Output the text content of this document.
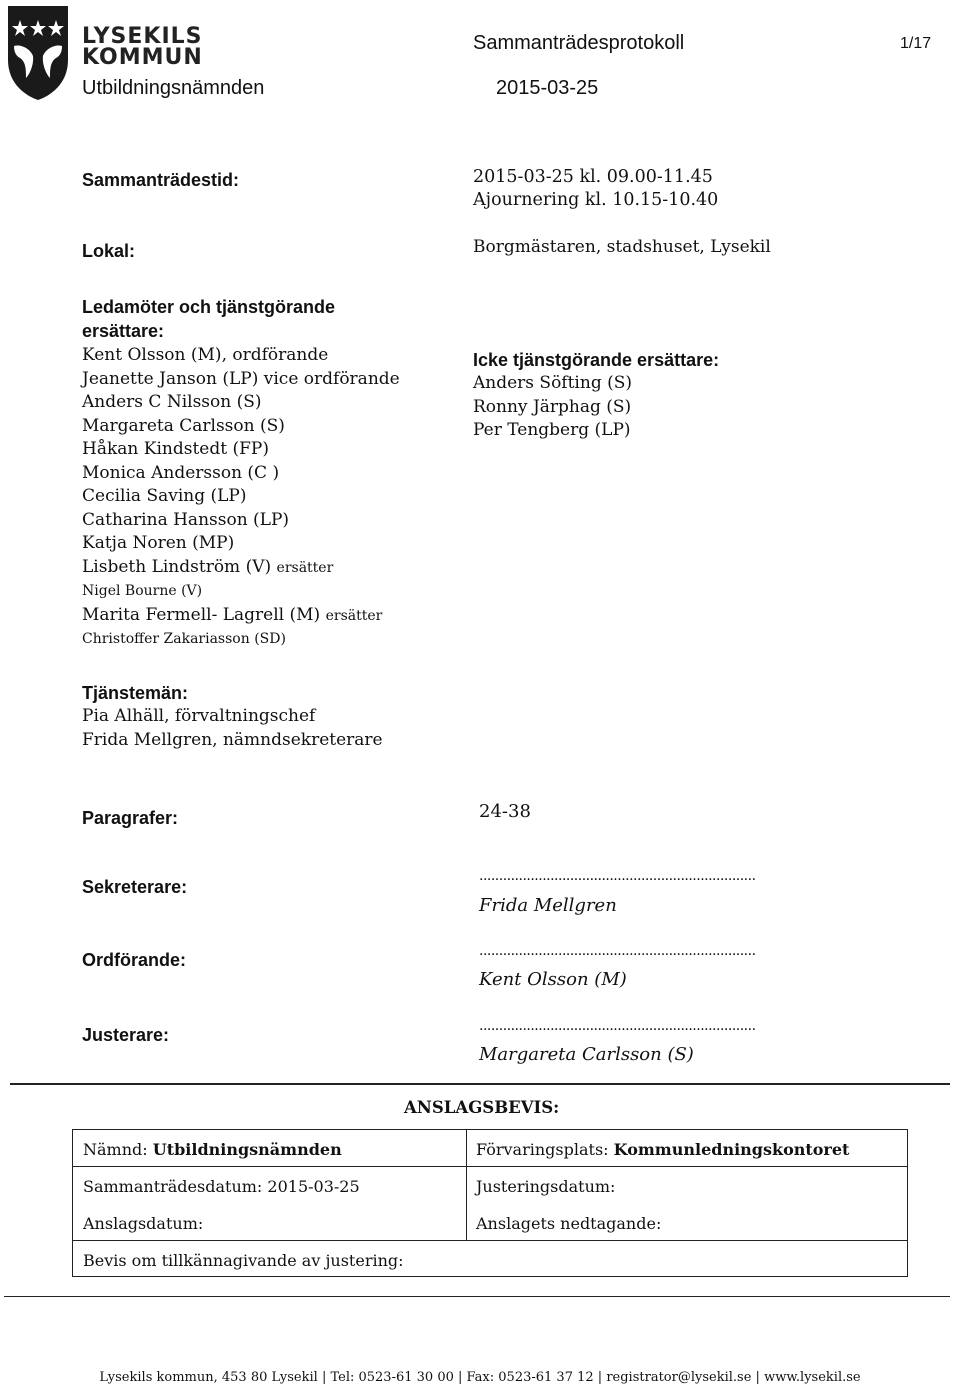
LYSEKILS
KOMMUN
Utbildningsnämnden
Sammanträdesprotokoll
2015-03-25
1/17
Sammanträdestid:	2015-03-25 kl. 09.00-11.45
Ajournering kl. 10.15-10.40
Lokal:	Borgmästaren, stadshuset, Lysekil
Ledamöter och tjänstgörande
ersättare:
Kent Olsson (M), ordförande
Jeanette Janson (LP) vice ordförande
Anders C Nilsson (S)
Margareta Carlsson (S)
Håkan Kindstedt (FP)
Monica Andersson (C )
Cecilia Saving (LP)
Catharina Hansson (LP)
Katja Noren (MP)
Lisbeth Lindström (V) ersätter
Nigel Bourne (V)
Marita Fermell- Lagrell (M) ersätter
Christoffer Zakariasson (SD)
Icke tjänstgörande ersättare:
Anders Söfting (S)
Ronny Järphag (S)
Per Tengberg (LP)
Tjänstemän:
Pia Alhäll, förvaltningschef
Frida Mellgren, nämndsekreterare
Paragrafer:	24-38
Sekreterare:
......................................................................
Frida Mellgren
Ordförande:	......................................................................
Kent Olsson (M)
Justerare:	......................................................................
Margareta Carlsson (S)
ANSLAGSBEVIS:
Nämnd: Utbildningsnämnden	Förvaringsplats: Kommunledningskontoret
Sammanträdesdatum: 2015-03-25	Justeringsdatum:
Anslagsdatum:	Anslagets nedtagande:
Bevis om tillkännagivande av justering:
Lysekils kommun, 453 80 Lysekil | Tel: 0523-61 30 00 | Fax: 0523-61 37 12 | registrator@lysekil.se | www.lysekil.se
